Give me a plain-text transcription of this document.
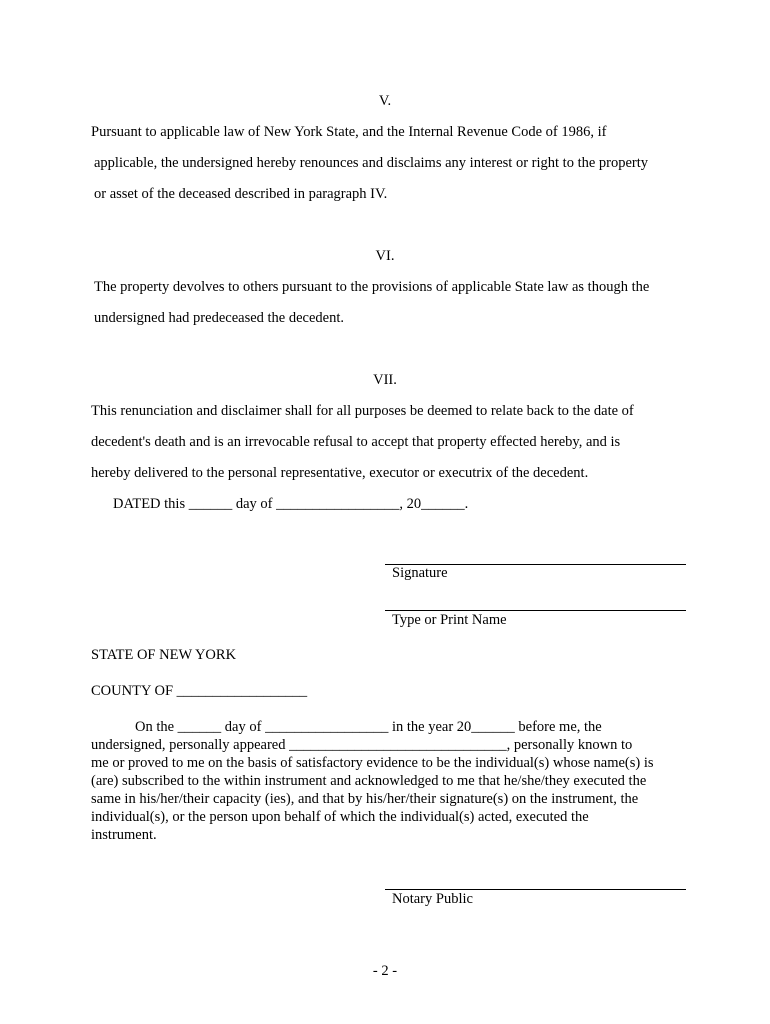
V.
Pursuant to applicable law of New York State, and the Internal Revenue Code of 1986, if
applicable, the undersigned hereby renounces and disclaims any interest or right to the property
or asset of the deceased described in paragraph IV.
VI.
The property devolves to others pursuant to the provisions of applicable State law as though the
undersigned had predeceased the decedent.
VII.
This renunciation and disclaimer shall for all purposes be deemed to relate back to the date of
decedent's death and is an irrevocable refusal to accept that property effected hereby, and is
hereby delivered to the personal representative, executor or executrix of the decedent.
DATED this ______ day of _________________, 20______.
Signature
Type or Print Name
STATE OF NEW YORK
COUNTY OF __________________
On the ______ day of _________________ in the year 20______ before me, the
undersigned, personally appeared ______________________________, personally known to
me or proved to me on the basis of satisfactory evidence to be the individual(s) whose name(s) is
(are) subscribed to the within instrument and acknowledged to me that he/she/they executed the
same in his/her/their capacity (ies), and that by his/her/their signature(s) on the instrument, the
individual(s), or the person upon behalf of which the individual(s) acted, executed the
instrument.
Notary Public
- 2 -
